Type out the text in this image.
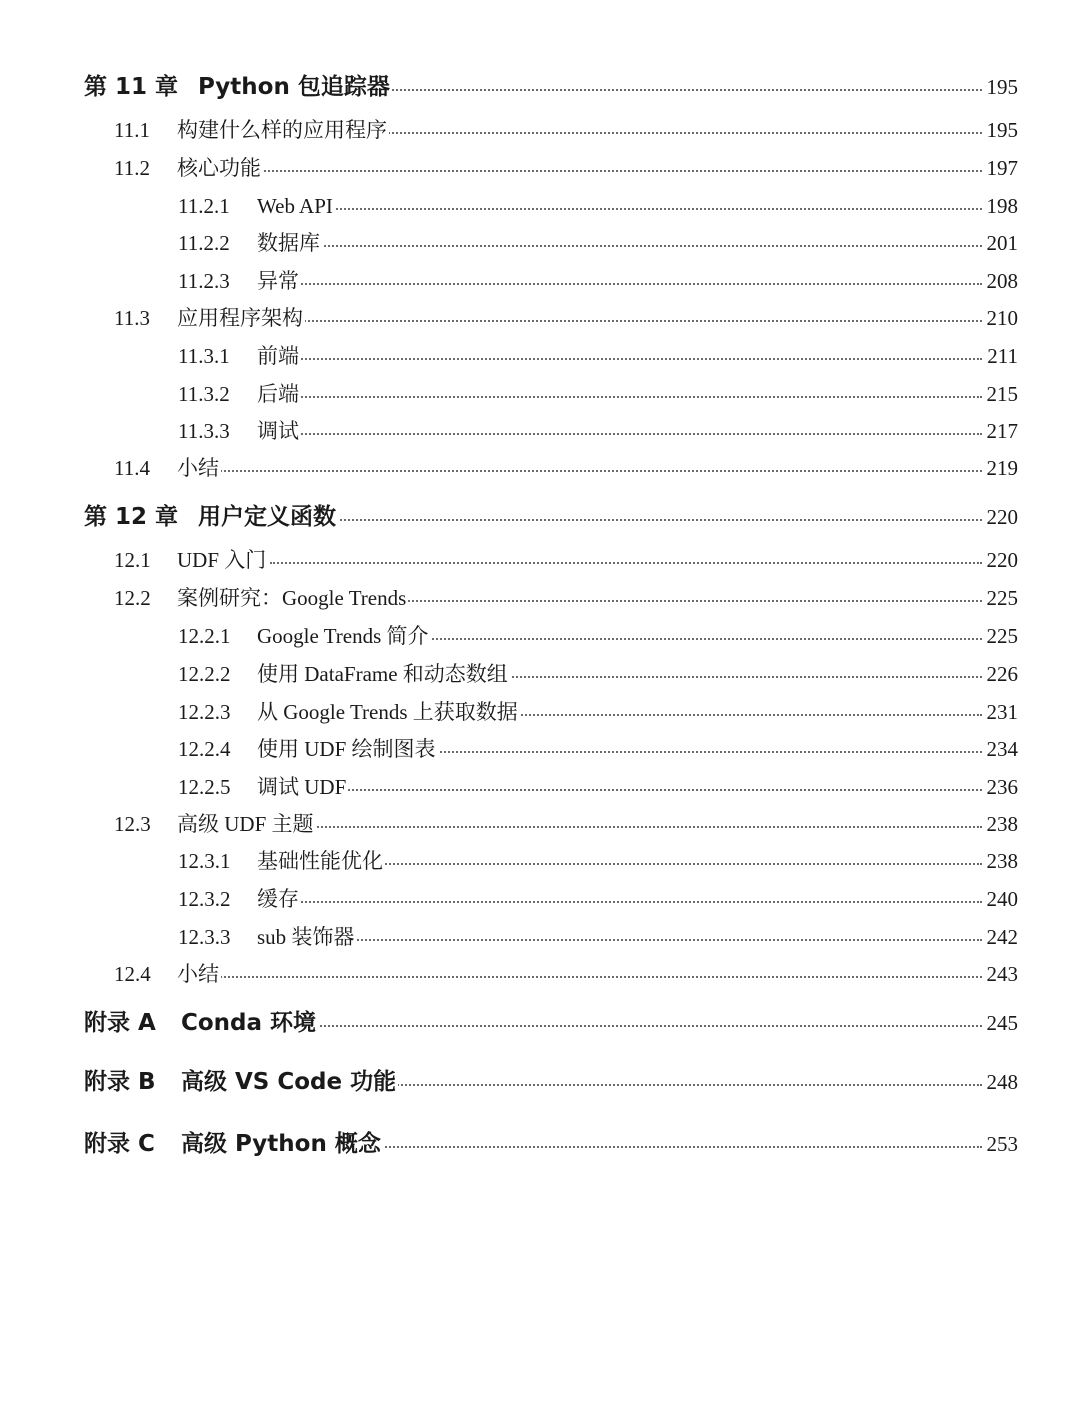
第 11 章 Python 包追踪器	195
11.1 构建什么样的应用程序	195
11.2 核心功能	197
11.2.1 Web API	198
11.2.2 数据库	201
11.2.3 异常	208
11.3 应用程序架构	210
11.3.1 前端	211
11.3.2 后端	215
11.3.3 调试	217
11.4 小结	219
第 12 章 用户定义函数	220
12.1 UDF 入门	220
12.2 案例研究：Google Trends	225
12.2.1 Google Trends 简介	225
12.2.2 使用 DataFrame 和动态数组	226
12.2.3 从 Google Trends 上获取数据	231
12.2.4 使用 UDF 绘制图表	234
12.2.5 调试 UDF	236
12.3 高级 UDF 主题	238
12.3.1 基础性能优化	238
12.3.2 缓存	240
12.3.3 sub 装饰器	242
12.4 小结	243
附录 A Conda 环境	245
附录 B 高级 VS Code 功能	248
附录 C 高级 Python 概念	253
